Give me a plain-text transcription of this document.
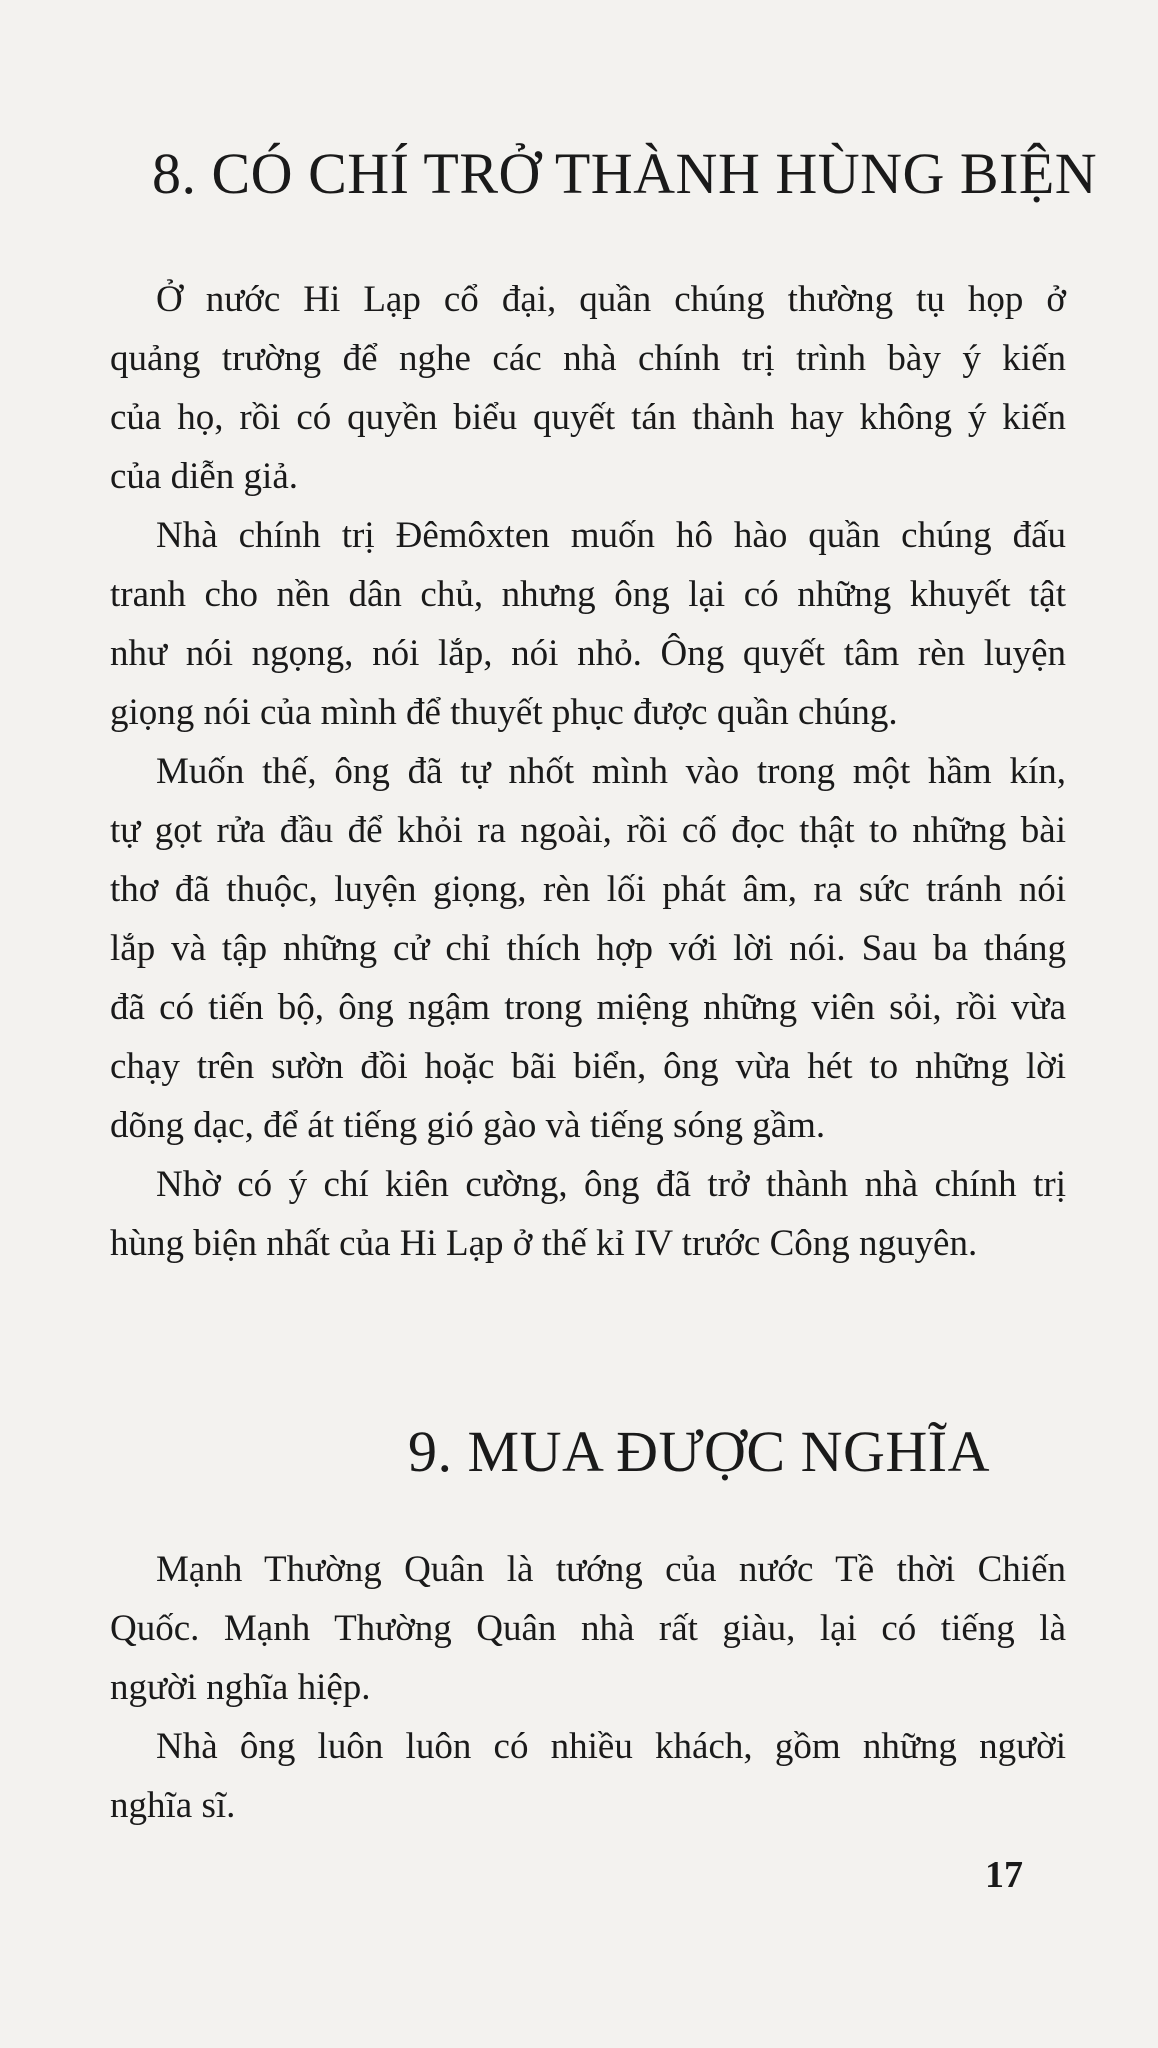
8. CÓ CHÍ TRỞ THÀNH HÙNG BIỆN
Ở nước Hi Lạp cổ đại, quần chúng thường tụ họp ở
quảng trường để nghe các nhà chính trị trình bày ý kiến
của họ, rồi có quyền biểu quyết tán thành hay không ý kiến
của diễn giả.
Nhà chính trị Đêmôxten muốn hô hào quần chúng đấu
tranh cho nền dân chủ, nhưng ông lại có những khuyết tật
như nói ngọng, nói lắp, nói nhỏ. Ông quyết tâm rèn luyện
giọng nói của mình để thuyết phục được quần chúng.
Muốn thế, ông đã tự nhốt mình vào trong một hầm kín,
tự gọt rửa đầu để khỏi ra ngoài, rồi cố đọc thật to những bài
thơ đã thuộc, luyện giọng, rèn lối phát âm, ra sức tránh nói
lắp và tập những cử chỉ thích hợp với lời nói. Sau ba tháng
đã có tiến bộ, ông ngậm trong miệng những viên sỏi, rồi vừa
chạy trên sườn đồi hoặc bãi biển, ông vừa hét to những lời
dõng dạc, để át tiếng gió gào và tiếng sóng gầm.
Nhờ có ý chí kiên cường, ông đã trở thành nhà chính trị
hùng biện nhất của Hi Lạp ở thế kỉ IV trước Công nguyên.
9. MUA ĐƯỢC NGHĨA
Mạnh Thường Quân là tướng của nước Tề thời Chiến
Quốc. Mạnh Thường Quân nhà rất giàu, lại có tiếng là
người nghĩa hiệp.
Nhà ông luôn luôn có nhiều khách, gồm những người
nghĩa sĩ.
17
